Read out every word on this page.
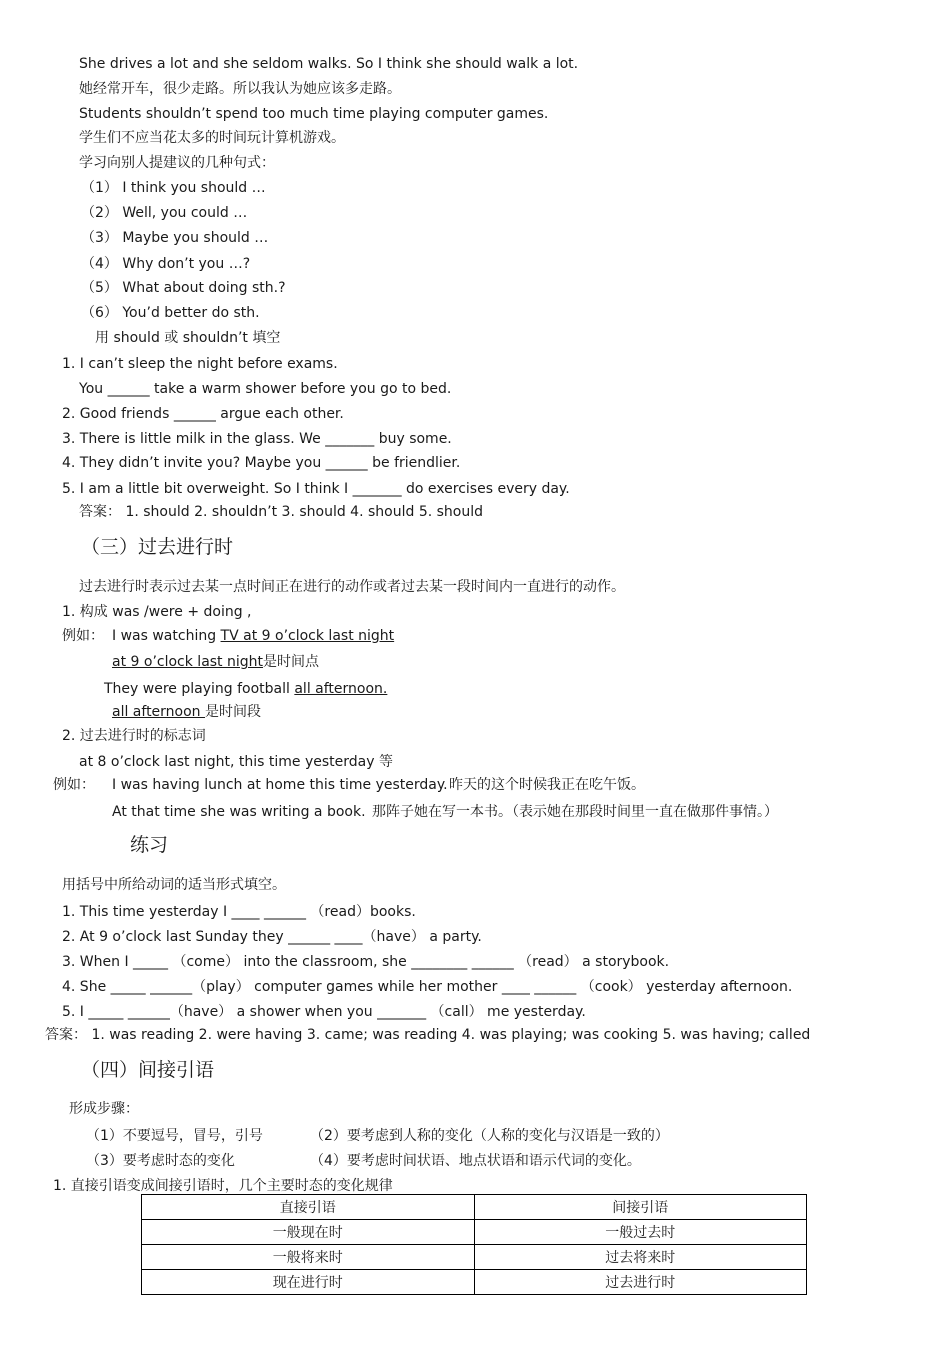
She drives a lot and she seldom walks. So I think she should walk a lot.
她经常开车，很少走路。所以我认为她应该多走路。
Students shouldn’t spend too much time playing computer games.
学生们不应当花太多的时间玩计算机游戏。
学习向别人提建议的几种句式：
（1） I think you should …
（2） Well, you could …
（3） Maybe you should …
（4） Why don’t you …?
（5） What about doing sth.?
（6） You’d better do sth.
用 should 或 shouldn’t 填空
1. I can’t sleep the night before exams.
You ______ take a warm shower before you go to bed.
2. Good friends ______ argue each other.
3. There is little milk in the glass. We _______ buy some.
4. They didn’t invite you? Maybe you ______ be friendlier.
5. I am a little bit overweight. So I think I _______ do exercises every day.
答案： 1. should 2. shouldn’t 3. should 4. should 5. should
（三）过去进行时
过去进行时表示过去某一点时间正在进行的动作或者过去某一段时间内一直进行的动作。
1. 构成 was /were + doing ,
例如： I was watching TV at 9 o’clock last night
at 9 o’clock last night是时间点
They were playing football all afternoon.
all afternoon 是时间段
2. 过去进行时的标志词
at 8 o’clock last night, this time yesterday 等
例如： I was having lunch at home this time yesterday. 昨天的这个时候我正在吃午饭。
At that time she was writing a book. 那阵子她在写一本书。（表示她在那段时间里一直在做那件事情。）
练习
用括号中所给动词的适当形式填空。
1. This time yesterday I ____ ______ （read）books.
2. At 9 o’clock last Sunday they ______ ____（have） a party.
3. When I _____ （come） into the classroom, she ________ ______ （read） a storybook.
4. She _____ ______（play） computer games while her mother ____ ______ （cook） yesterday afternoon.
5. I _____ ______（have） a shower when you _______ （call） me yesterday.
答案： 1. was reading 2. were having 3. came; was reading 4. was playing; was cooking 5. was having; called
（四）间接引语
形成步骤：
（1）不要逗号，冒号，引号	（2）要考虑到人称的变化（人称的变化与汉语是一致的）
（3）要考虑时态的变化	（4）要考虑时间状语、地点状语和语示代词的变化。
1. 直接引语变成间接引语时，几个主要时态的变化规律
直接引语	间接引语
一般现在时	一般过去时
一般将来时	过去将来时
现在进行时	过去进行时
